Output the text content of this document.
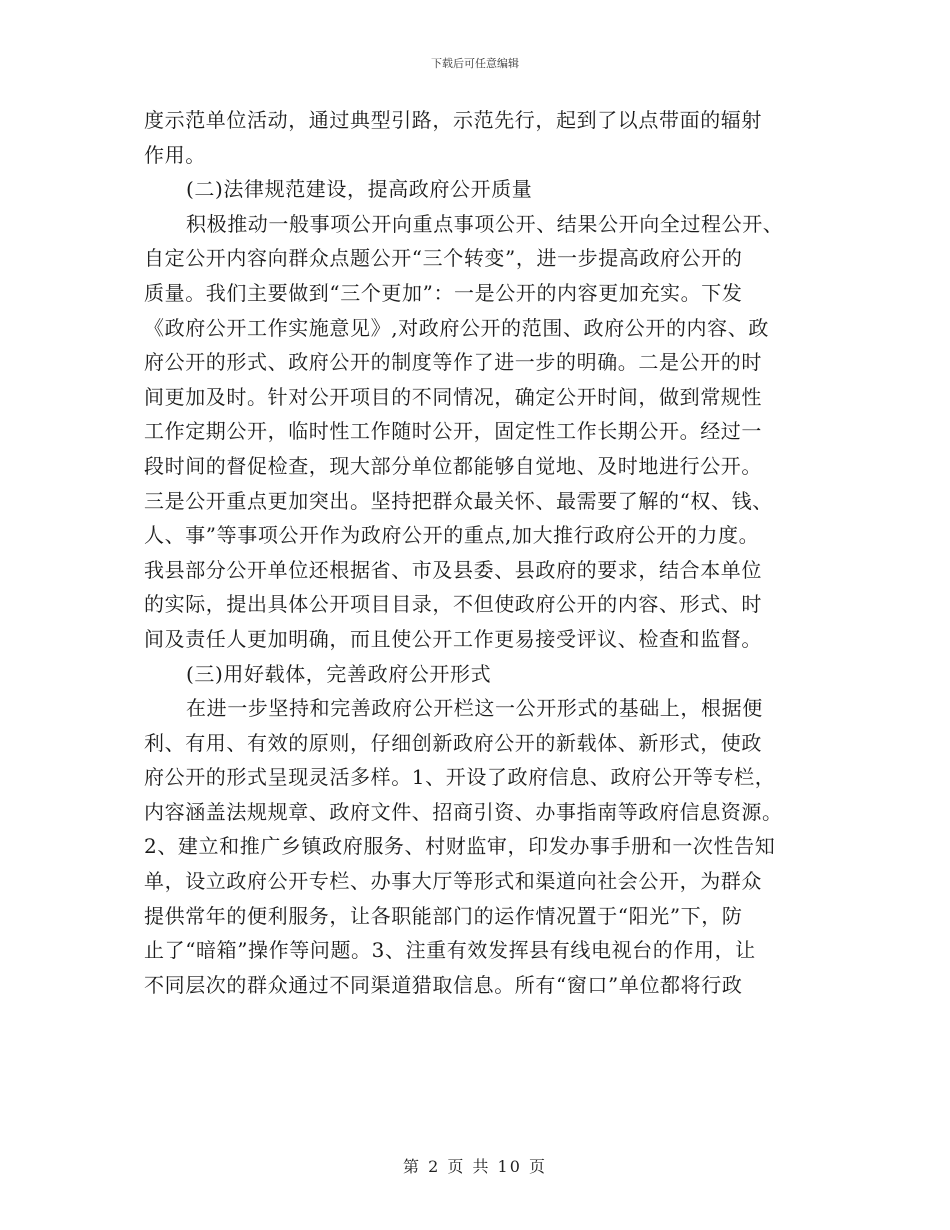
下载后可任意编辑
度示范单位活动，通过典型引路，示范先行，起到了以点带面的辐射
作用。
(二)法律规范建设，提高政府公开质量
积极推动一般事项公开向重点事项公开、结果公开向全过程公开、
自定公开内容向群众点题公开“三个转变”，进一步提高政府公开的
质量。我们主要做到“三个更加”：一是公开的内容更加充实。下发
《政府公开工作实施意见》,对政府公开的范围、政府公开的内容、政
府公开的形式、政府公开的制度等作了进一步的明确。二是公开的时
间更加及时。针对公开项目的不同情况，确定公开时间，做到常规性
工作定期公开，临时性工作随时公开，固定性工作长期公开。经过一
段时间的督促检查，现大部分单位都能够自觉地、及时地进行公开。
三是公开重点更加突出。坚持把群众最关怀、最需要了解的“权、钱、
人、事”等事项公开作为政府公开的重点,加大推行政府公开的力度。
我县部分公开单位还根据省、市及县委、县政府的要求，结合本单位
的实际，提出具体公开项目目录，不但使政府公开的内容、形式、时
间及责任人更加明确，而且使公开工作更易接受评议、检查和监督。
(三)用好载体，完善政府公开形式
在进一步坚持和完善政府公开栏这一公开形式的基础上，根据便
利、有用、有效的原则，仔细创新政府公开的新载体、新形式，使政
府公开的形式呈现灵活多样。1、开设了政府信息、政府公开等专栏，
内容涵盖法规规章、政府文件、招商引资、办事指南等政府信息资源。
2、建立和推广乡镇政府服务、村财监审，印发办事手册和一次性告知
单，设立政府公开专栏、办事大厅等形式和渠道向社会公开，为群众
提供常年的便利服务，让各职能部门的运作情况置于“阳光”下，防
止了“暗箱”操作等问题。3、注重有效发挥县有线电视台的作用，让
不同层次的群众通过不同渠道猎取信息。所有“窗口”单位都将行政
第 2 页 共 10 页
